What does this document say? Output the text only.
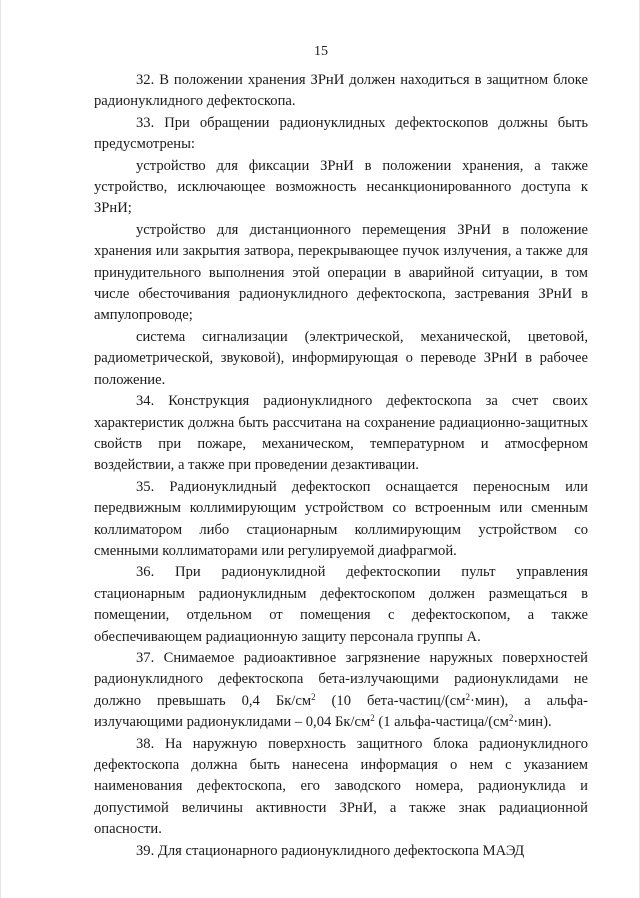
15

32. В положении хранения ЗРнИ должен находиться в защитном блоке радионуклидного дефектоскопа.

33. При обращении радионуклидных дефектоскопов должны быть предусмотрены:

устройство для фиксации ЗРнИ в положении хранения, а также устройство, исключающее возможность несанкционированного доступа к ЗРнИ;

устройство для дистанционного перемещения ЗРнИ в положение хранения или закрытия затвора, перекрывающее пучок излучения, а также для принудительного выполнения этой операции в аварийной ситуации, в том числе обесточивания радионуклидного дефектоскопа, застревания ЗРнИ в ампулопроводе;

система сигнализации (электрической, механической, цветовой, радиометрической, звуковой), информирующая о переводе ЗРнИ в рабочее положение.

34. Конструкция радионуклидного дефектоскопа за счет своих характеристик должна быть рассчитана на сохранение радиационно-защитных свойств при пожаре, механическом, температурном и атмосферном воздействии, а также при проведении дезактивации.

35. Радионуклидный дефектоскоп оснащается переносным или передвижным коллимирующим устройством со встроенным или сменным коллиматором либо стационарным коллимирующим устройством со сменными коллиматорами или регулируемой диафрагмой.

36. При радионуклидной дефектоскопии пульт управления стационарным радионуклидным дефектоскопом должен размещаться в помещении, отдельном от помещения с дефектоскопом, а также обеспечивающем радиационную защиту персонала группы А.

37. Снимаемое радиоактивное загрязнение наружных поверхностей радионуклидного дефектоскопа бета-излучающими радионуклидами не должно превышать 0,4 $Бк/см^2$ (10 бета-$частиц/(см^2\cdot мин)$, а альфа-излучающими радионуклидами – 0,04 $Бк/см^2$ (1 альфа-$частица/(см^2\cdot мин)$.

38. На наружную поверхность защитного блока радионуклидного дефектоскопа должна быть нанесена информация о нем с указанием наименования дефектоскопа, его заводского номера, радионуклида и допустимой величины активности ЗРнИ, а также знак радиационной опасности.

39. Для стационарного радионуклидного дефектоскопа МАЭД
